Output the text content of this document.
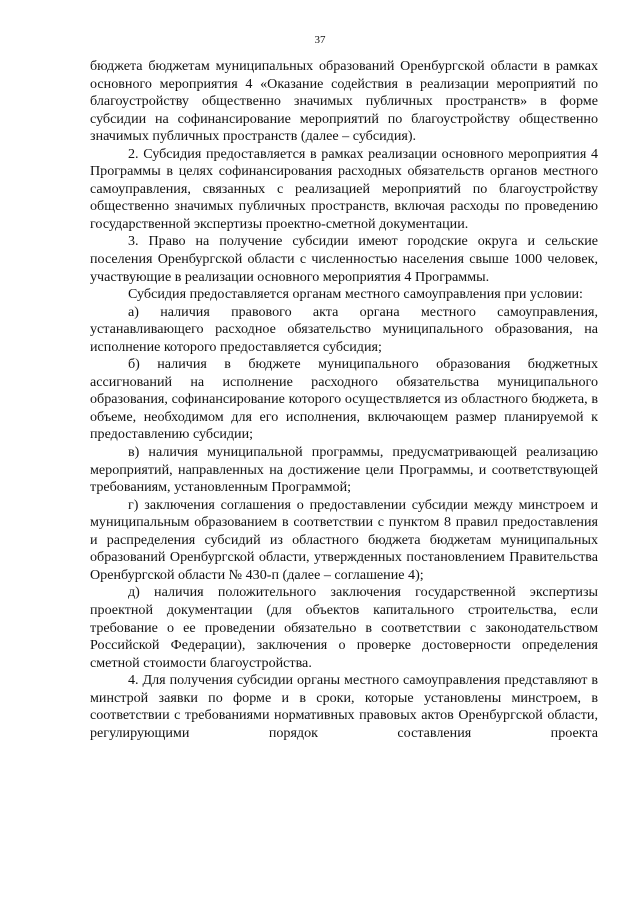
37

бюджета бюджетам муниципальных образований Оренбургской области в рамках основного мероприятия 4 «Оказание содействия в реализации мероприятий по благоустройству общественно значимых публичных пространств» в форме субсидии на софинансирование мероприятий по благоустройству общественно значимых публичных пространств (далее – субсидия).

2. Субсидия предоставляется в рамках реализации основного мероприятия 4 Программы в целях софинансирования расходных обязательств органов местного самоуправления, связанных с реализацией мероприятий по благоустройству общественно значимых публичных пространств, включая расходы по проведению государственной экспертизы проектно-сметной документации.

3. Право на получение субсидии имеют городские округа и сельские поселения Оренбургской области с численностью населения свыше 1000 человек, участвующие в реализации основного мероприятия 4 Программы.

Субсидия предоставляется органам местного самоуправления при условии:

а) наличия правового акта органа местного самоуправления, устанавливающего расходное обязательство муниципального образования, на исполнение которого предоставляется субсидия;

б) наличия в бюджете муниципального образования бюджетных ассигнований на исполнение расходного обязательства муниципального образования, софинансирование которого осуществляется из областного бюджета, в объеме, необходимом для его исполнения, включающем размер планируемой к предоставлению субсидии;

в) наличия муниципальной программы, предусматривающей реализацию мероприятий, направленных на достижение цели Программы, и соответствующей требованиям, установленным Программой;

г) заключения соглашения о предоставлении субсидии между минстроем и муниципальным образованием в соответствии с пунктом 8 правил предоставления и распределения субсидий из областного бюджета бюджетам муниципальных образований Оренбургской области, утвержденных постановлением Правительства Оренбургской области № 430-п (далее – соглашение 4);

д) наличия положительного заключения государственной экспертизы проектной документации (для объектов капитального строительства, если требование о ее проведении обязательно в соответствии с законодательством Российской Федерации), заключения о проверке достоверности определения сметной стоимости благоустройства.

4. Для получения субсидии органы местного самоуправления представляют в минстрой заявки по форме и в сроки, которые установлены минстроем, в соответствии с требованиями нормативных правовых актов Оренбургской области, регулирующими порядок составления проекта
